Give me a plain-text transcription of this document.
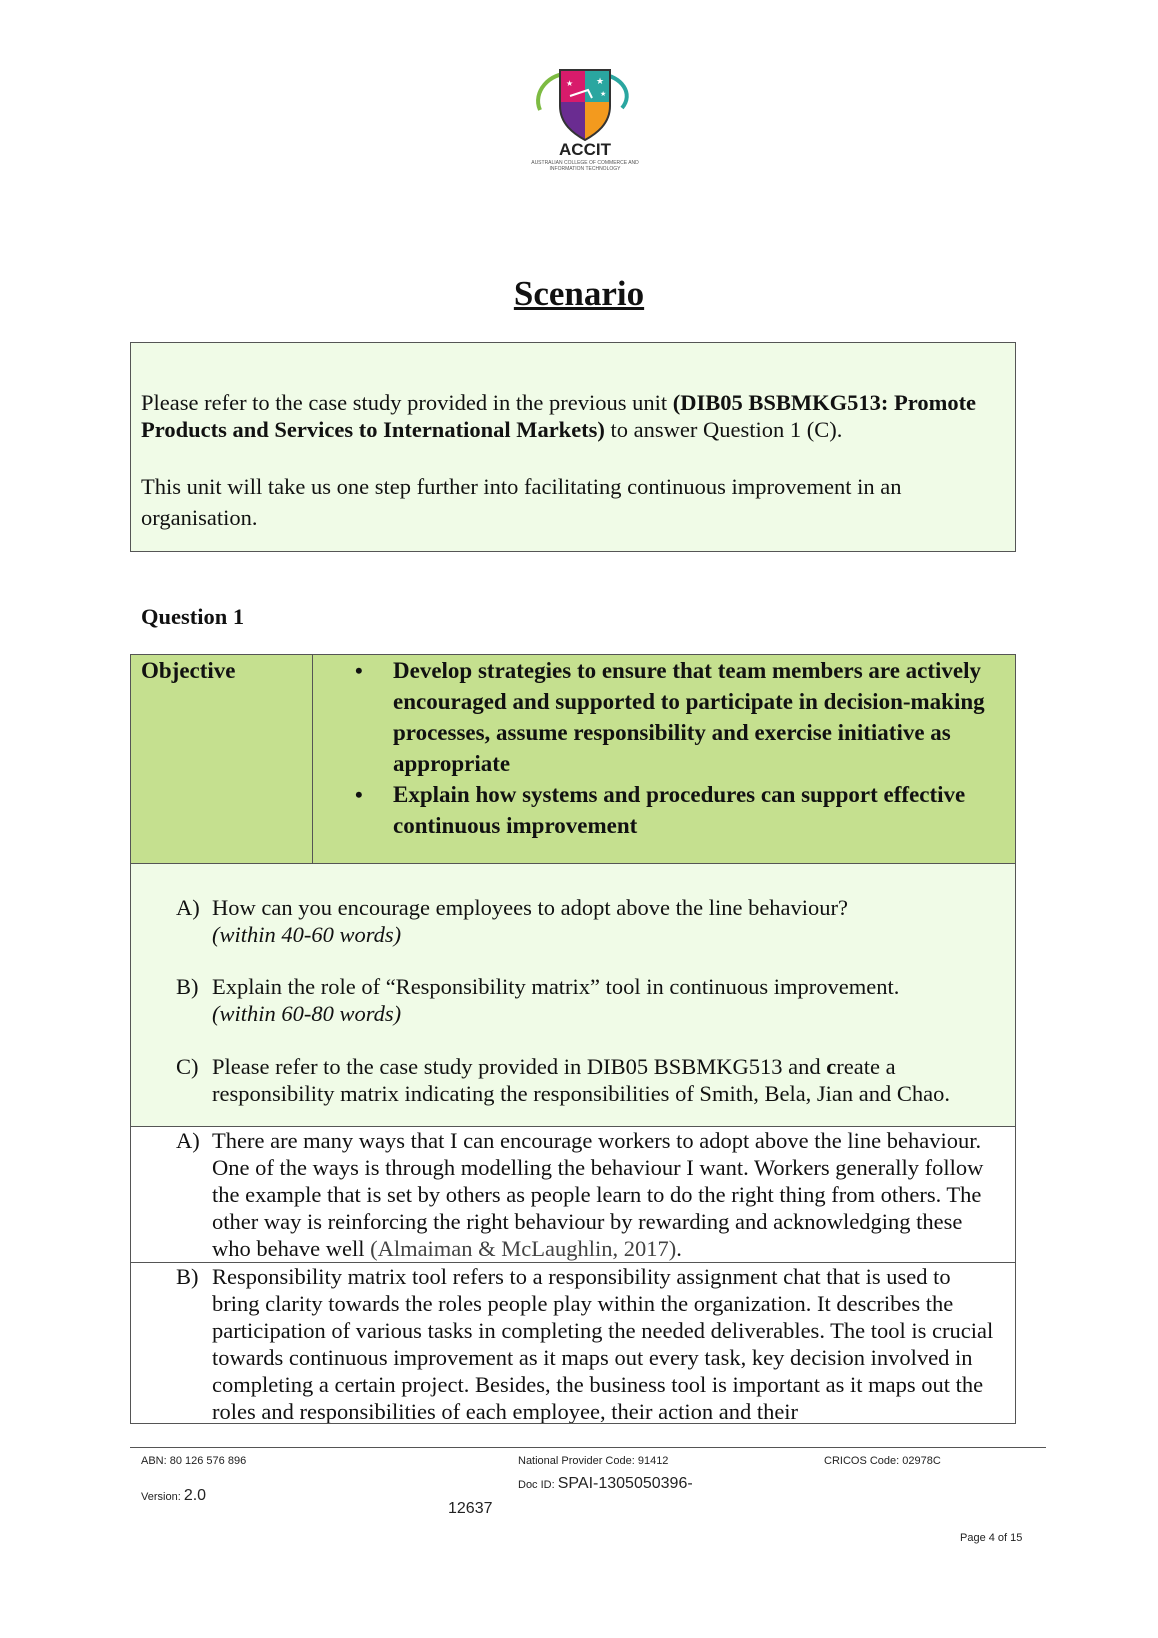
★
★
★
ACCIT
AUSTRALIAN COLLEGE OF COMMERCE AND INFORMATION TECHNOLOGY
Scenario
Please refer to the case study provided in the previous unit (DIB05 BSBMKG513: Promote Products and Services to International Markets) to answer Question 1 (C).
This unit will take us one step further into facilitating continuous improvement in an organisation.
Question 1
Objective
•	Develop strategies to ensure that team members are actively encouraged and supported to participate in decision-making processes, assume responsibility and exercise initiative as appropriate
• Explain how systems and procedures can support effective continuous improvement
A) How can you encourage employees to adopt above the line behaviour?
(within 40-60 words)
B) Explain the role of “Responsibility matrix” tool in continuous improvement.
(within 60-80 words)
C) Please refer to the case study provided in DIB05 BSBMKG513 and create a responsibility matrix indicating the responsibilities of Smith, Bela, Jian and Chao.
A) There are many ways that I can encourage workers to adopt above the line behaviour. One of the ways is through modelling the behaviour I want. Workers generally follow the example that is set by others as people learn to do the right thing from others. The other way is reinforcing the right behaviour by rewarding and acknowledging these who behave well (Almaiman & McLaughlin, 2017).
B) Responsibility matrix tool refers to a responsibility assignment chat that is used to bring clarity towards the roles people play within the organization. It describes the participation of various tasks in completing the needed deliverables. The tool is crucial towards continuous improvement as it maps out every task, key decision involved in completing a certain project. Besides, the business tool is important as it maps out the roles and responsibilities of each employee, their action and their
ABN: 80 126 576 896	National Provider Code: 91412	CRICOS Code: 02978C
Version: 2.0
Doc ID: SPAI-1305050396-
12637
Page 4 of 15
